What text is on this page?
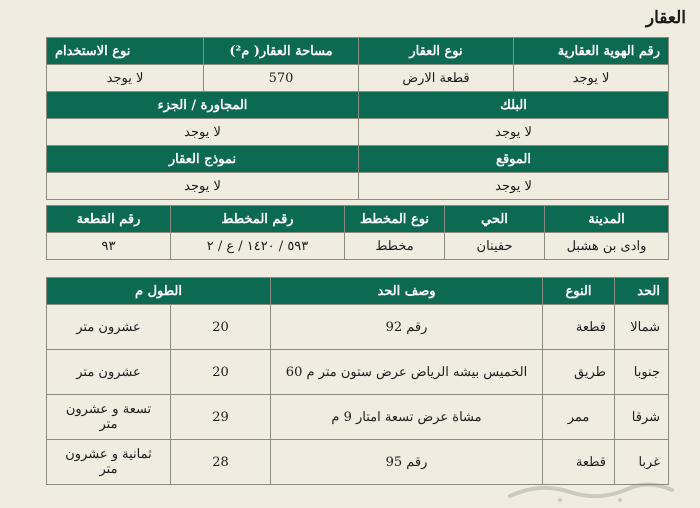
العقار
رقم الهوية العقارية	نوع العقار	مساحة العقار( م²)	نوع الاستخدام
لا يوجد	قطعة الارض	570	لا يوجد
البلك		المجاورة / الجزء	
لا يوجد		لا يوجد	
الموقع		نموذج العقار	
لا يوجد		لا يوجد	
المدينة	الحي	نوع المخطط	رقم المخطط	رقم القطعة
وادى بن هشبل	حفينان	مخطط	٥٩٣ / ١٤٢٠ / ع / ٢	٩٣
الحد	النوع	وصف الحد	الطول م	
شمالا	قطعة	رقم 92	20	عشرون متر
جنوبا	طريق	الخميس بيشه الرياض عرض ستون متر م 60	20	عشرون متر
شرقا	ممر	مشاة عرض تسعة امتار 9 م	29	تسعة و عشرون متر
غربا	قطعة	رقم 95	28	ثمانية و عشرون متر
